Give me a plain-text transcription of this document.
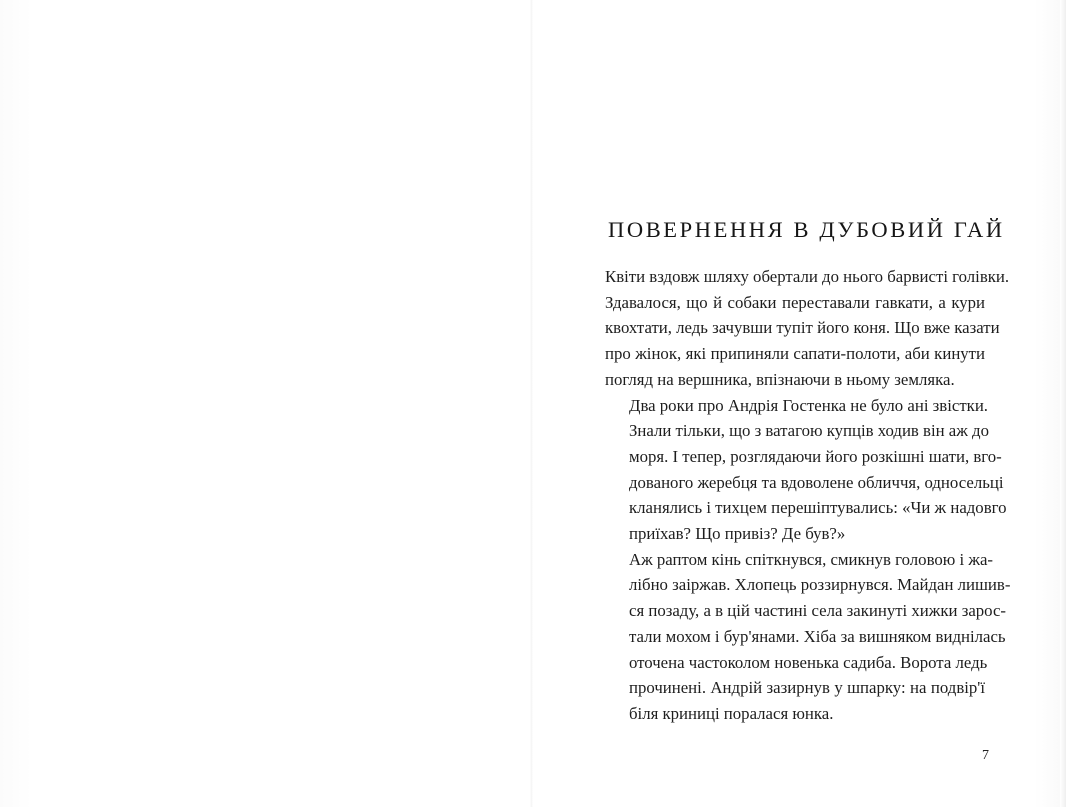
ПОВЕРНЕННЯ В ДУБОВИЙ ГАЙ

Квіти вздовж шляху обертали до нього барвисті голівки.
Здавалося, що й собаки переставали гавкати, а кури
квохтати, ледь зачувши тупіт його коня. Що вже казати
про жінок, які припиняли сапати-полоти, аби кинути
погляд на вершника, впізнаючи в ньому земляка.

Два роки про Андрія Гостенка не було ані звістки.
Знали тільки, що з ватагою купців ходив він аж до
моря. І тепер, розглядаючи його розкішні шати, вго-
дованого жеребця та вдоволене обличчя, односельці
кланялись і тихцем перешіптувались: «Чи ж надовго
приїхав? Що привіз? Де був?»

Аж раптом кінь спіткнувся, смикнув головою і жа-
лібно заіржав. Хлопець роззирнувся. Майдан лишив-
ся позаду, а в цій частині села закинуті хижки зарос-
тали мохом і бур'янами. Хіба за вишняком виднілась
оточена частоколом новенька садиба. Ворота ледь
прочинені. Андрій зазирнув у шпарку: на подвір'ї
біля криниці поралася юнка.

7
